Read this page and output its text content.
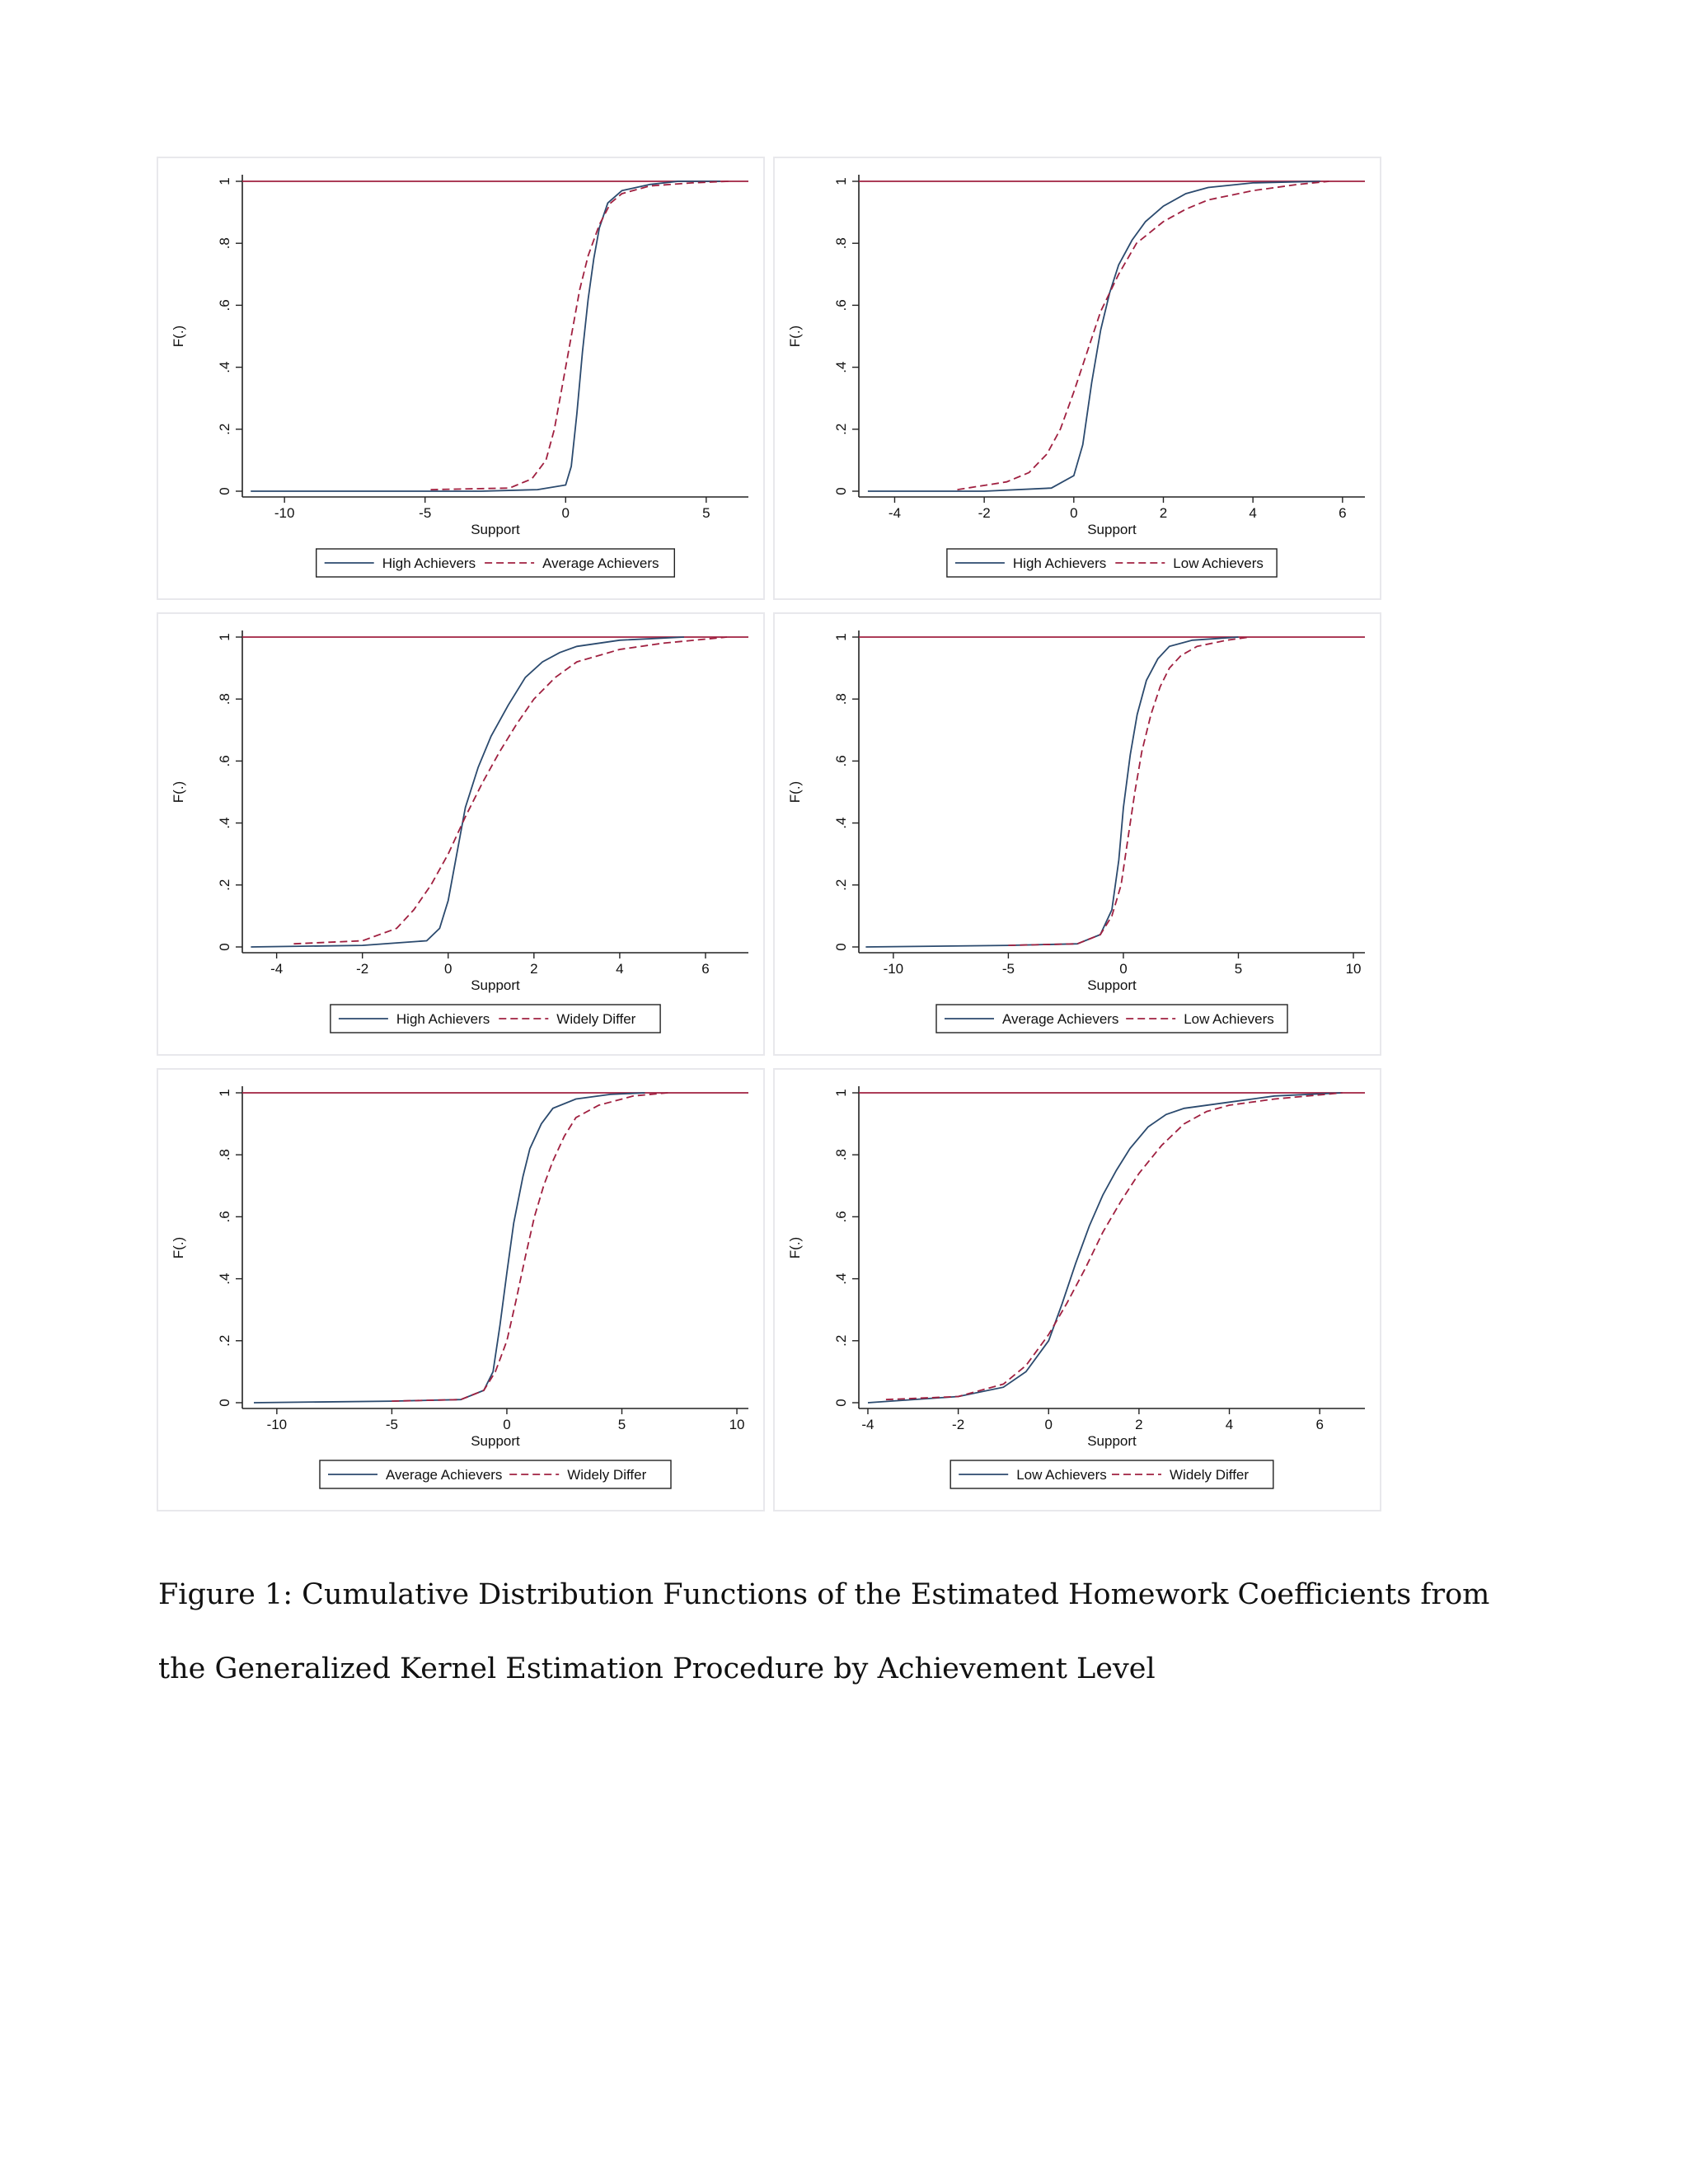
0
.2
.4
.6
.8
1
F(.)
-10	-5	0	5
Support
High Achievers	Average Achievers
0
.2
.4
.6
.8
1
F(.)
-4	-2	0	2	4	6
Support
High Achievers	Low Achievers
0
.2
.4
.6
.8
1
F(.)
-4	-2	0	2	4	6
Support
High Achievers	Widely Differ
0
.2
.4
.6
.8
1
F(.)
-10	-5	0	5	10
Support
Average Achievers	Low Achievers
0
.2
.4
.6
.8
1
F(.)
-10	-5	0	5	10
Support
Average Achievers	Widely Differ
0
.2
.4
.6
.8
1
F(.)
-4	-2	0	2	4	6
Support
Low Achievers	Widely Differ

Figure 1: Cumulative Distribution Functions of the Estimated Homework Coefficients from the Generalized Kernel Estimation Procedure by Achievement Level
